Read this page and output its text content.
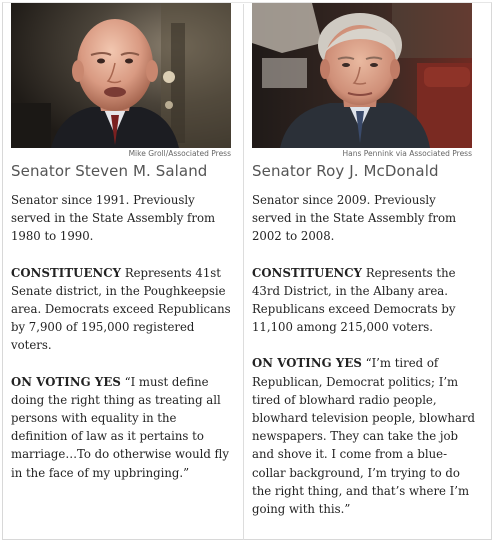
Mike Groll/Associated Press
Senator Steven M. Saland

Senator since 1991. Previously served in the State Assembly from 1980 to 1990.

CONSTITUENCY Represents 41st Senate district, in the Poughkeepsie area. Democrats exceed Republicans by 7,900 of 195,000 registered voters.

ON VOTING YES “I must define doing the right thing as treating all persons with equality in the definition of law as it pertains to marriage…To do otherwise would fly in the face of my upbringing.”

Hans Pennink via Associated Press
Senator Roy J. McDonald

Senator since 2009. Previously served in the State Assembly from 2002 to 2008.

CONSTITUENCY Represents the 43rd District, in the Albany area. Republicans exceed Democrats by 11,100 among 215,000 voters.

ON VOTING YES “I’m tired of Republican, Democrat politics; I’m tired of blowhard radio people, blowhard television people, blowhard newspapers. They can take the job and shove it. I come from a blue-collar background, I’m trying to do the right thing, and that’s where I’m going with this.”
